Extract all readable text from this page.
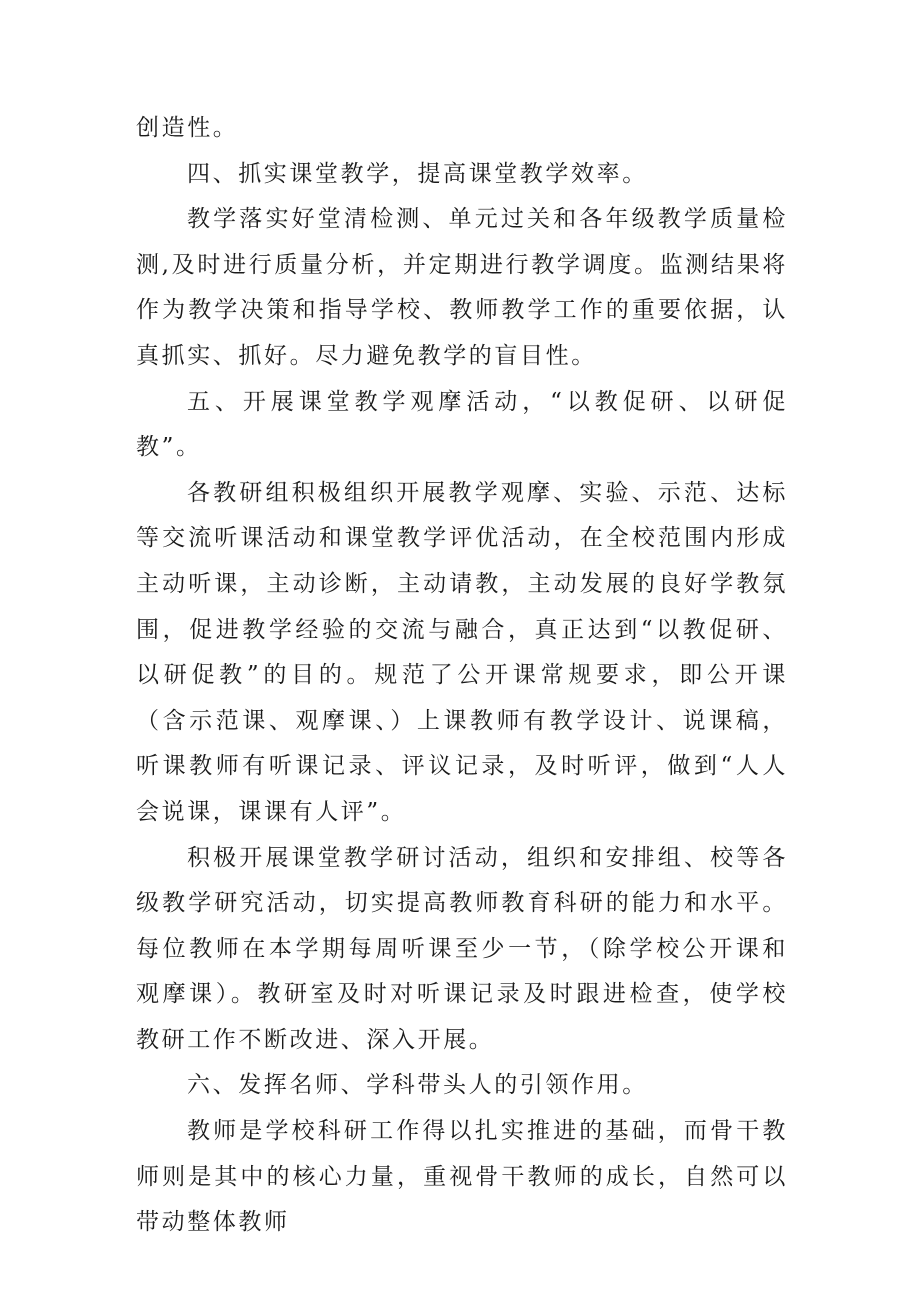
创造性。

四、抓实课堂教学，提高课堂教学效率。

教学落实好堂清检测、单元过关和各年级教学质量检测,及时进行质量分析，并定期进行教学调度。监测结果将作为教学决策和指导学校、教师教学工作的重要依据，认真抓实、抓好。尽力避免教学的盲目性。

五、开展课堂教学观摩活动，“以教促研、以研促教”。

各教研组积极组织开展教学观摩、实验、示范、达标等交流听课活动和课堂教学评优活动，在全校范围内形成主动听课，主动诊断，主动请教，主动发展的良好学教氛围，促进教学经验的交流与融合，真正达到“以教促研、以研促教”的目的。规范了公开课常规要求，即公开课（含示范课、观摩课、）上课教师有教学设计、说课稿，听课教师有听课记录、评议记录，及时听评，做到“人人会说课，课课有人评”。

积极开展课堂教学研讨活动，组织和安排组、校等各级教学研究活动，切实提高教师教育科研的能力和水平。每位教师在本学期每周听课至少一节，（除学校公开课和观摩课）。教研室及时对听课记录及时跟进检查，使学校教研工作不断改进、深入开展。

六、发挥名师、学科带头人的引领作用。

教师是学校科研工作得以扎实推进的基础，而骨干教师则是其中的核心力量，重视骨干教师的成长，自然可以带动整体教师
